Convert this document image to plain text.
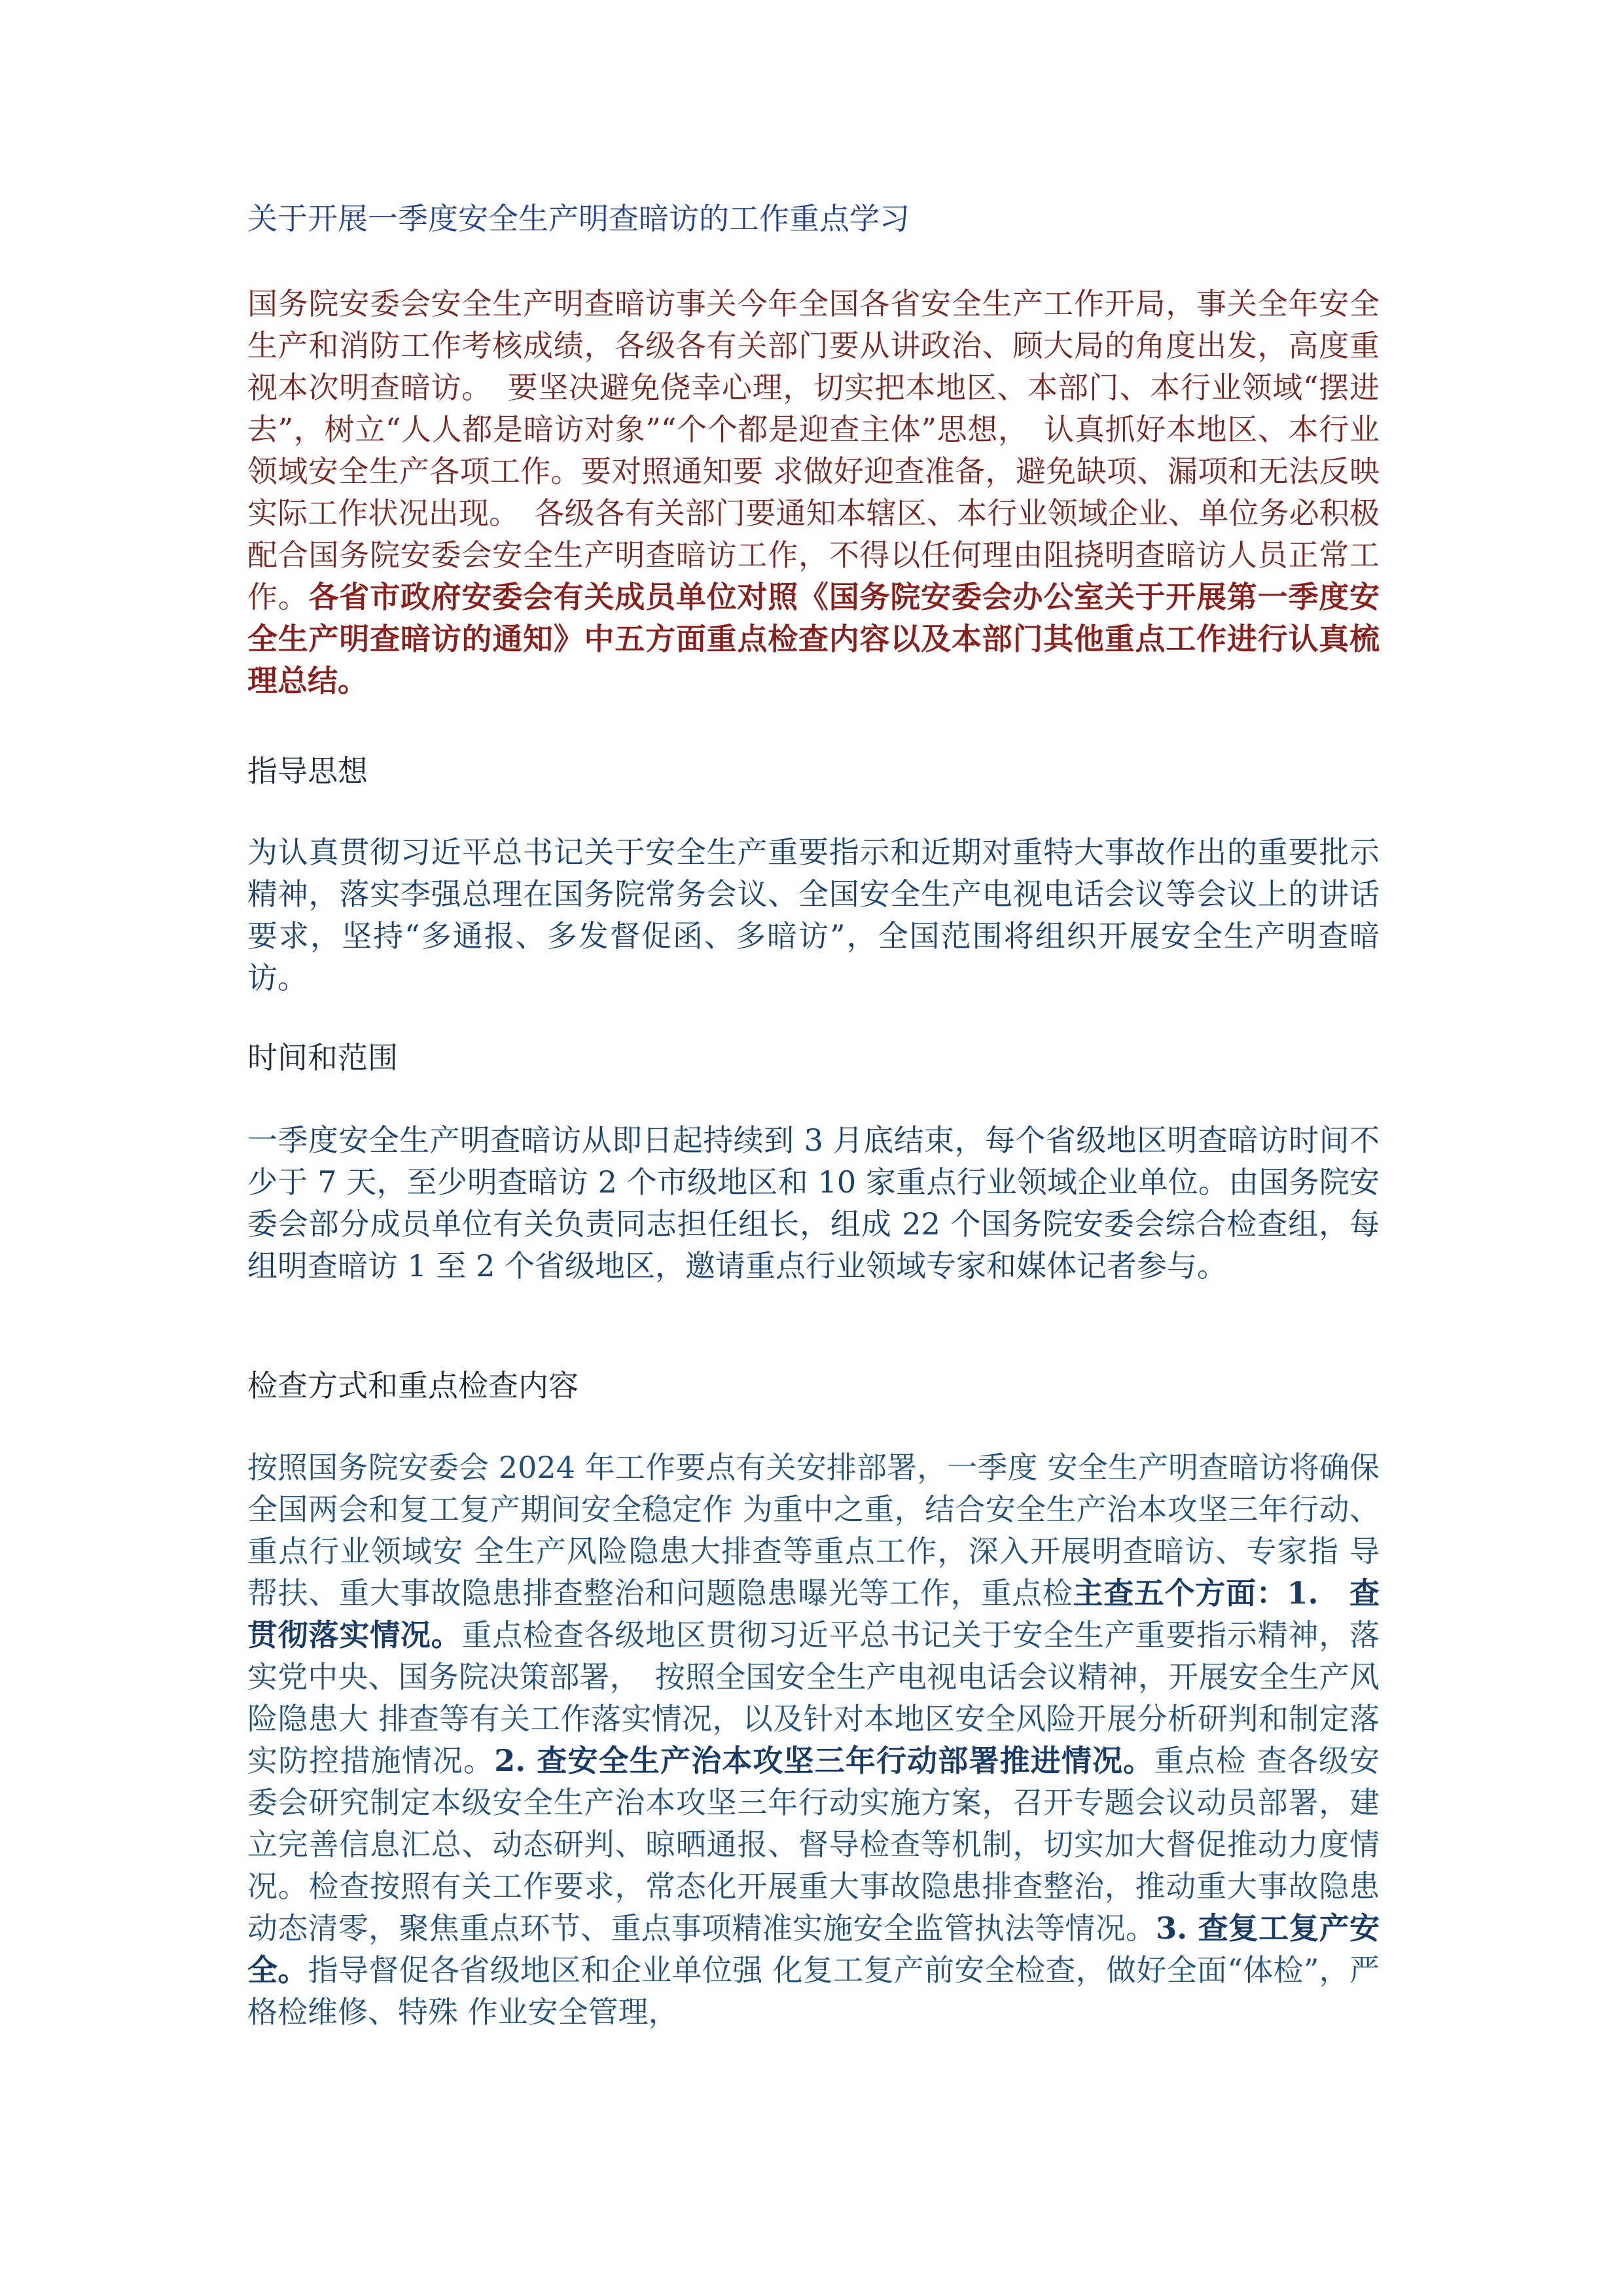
关于开展一季度安全生产明查暗访的工作重点学习

国务院安委会安全生产明查暗访事关今年全国各省安全生产工作开局，事关全年安全生产和消防工作考核成绩，各级各有关部门要从讲政治、顾大局的角度出发，高度重视本次明查暗访。　要坚决避免侥幸心理，切实把本地区、本部门、本行业领域“摆进去”，树立“人人都是暗访对象”“个个都是迎查主体”思想，　认真抓好本地区、本行业领域安全生产各项工作。要对照通知要 求做好迎查准备，避免缺项、漏项和无法反映实际工作状况出现。　各级各有关部门要通知本辖区、本行业领域企业、单位务必积极配合国务院安委会安全生产明查暗访工作，不得以任何理由阻挠明查暗访人员正常工作。各省市政府安委会有关成员单位对照《国务院安委会办公室关于开展第一季度安全生产明查暗访的通知》中五方面重点检查内容以及本部门其他重点工作进行认真梳理总结。

指导思想

为认真贯彻习近平总书记关于安全生产重要指示和近期对重特大事故作出的重要批示精神，落实李强总理在国务院常务会议、全国安全生产电视电话会议等会议上的讲话要求，坚持“多通报、多发督促函、多暗访”，全国范围将组织开展安全生产明查暗访。

时间和范围

一季度安全生产明查暗访从即日起持续到 3 月底结束，每个省级地区明查暗访时间不少于 7 天，至少明查暗访 2 个市级地区和 10 家重点行业领域企业单位。由国务院安委会部分成员单位有关负责同志担任组长，组成 22 个国务院安委会综合检查组，每组明查暗访 1 至 2 个省级地区，邀请重点行业领域专家和媒体记者参与。

检查方式和重点检查内容

按照国务院安委会 2024 年工作要点有关安排部署，一季度 安全生产明查暗访将确保全国两会和复工复产期间安全稳定作 为重中之重，结合安全生产治本攻坚三年行动、重点行业领域安 全生产风险隐患大排查等重点工作，深入开展明查暗访、专家指 导帮扶、重大事故隐患排查整治和问题隐患曝光等工作，重点检主查五个方面：1.　查贯彻落实情况。重点检查各级地区贯彻习近平总书记关于安全生产重要指示精神，落实党中央、国务院决策部署，　按照全国安全生产电视电话会议精神，开展安全生产风险隐患大 排查等有关工作落实情况，以及针对本地区安全风险开展分析研判和制定落实防控措施情况。2. 查安全生产治本攻坚三年行动部署推进情况。重点检 查各级安委会研究制定本级安全生产治本攻坚三年行动实施方案，召开专题会议动员部署，建立完善信息汇总、动态研判、晾晒通报、督导检查等机制，切实加大督促推动力度情况。检查按照有关工作要求，常态化开展重大事故隐患排查整治，推动重大事故隐患动态清零，聚焦重点环节、重点事项精准实施安全监管执法等情况。3. 查复工复产安全。指导督促各省级地区和企业单位强 化复工复产前安全检查，做好全面“体检”，严格检维修、特殊 作业安全管理，
